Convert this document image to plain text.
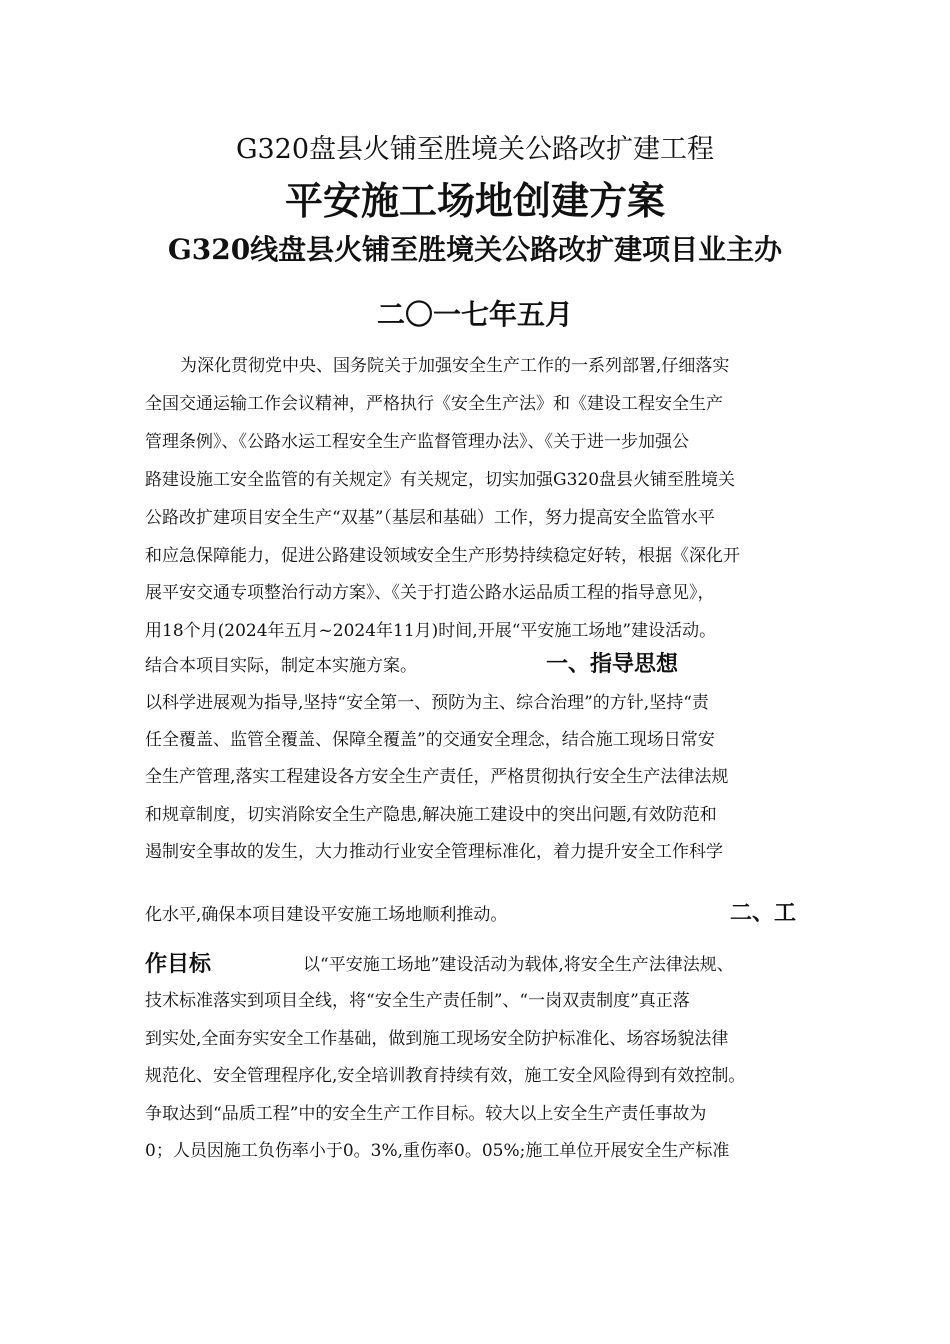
G320盘县火铺至胜境关公路改扩建工程
平安施工场地创建方案
G320线盘县火铺至胜境关公路改扩建项目业主办
二〇一七年五月
为深化贯彻党中央、国务院关于加强安全生产工作的一系列部署,仔细落实
全国交通运输工作会议精神，严格执行《安全生产法》和《建设工程安全生产
管理条例》、《公路水运工程安全生产监督管理办法》、《关于进一步加强公
路建设施工安全监管的有关规定》有关规定，切实加强G320盘县火铺至胜境关
公路改扩建项目安全生产“双基”（基层和基础）工作，努力提高安全监管水平
和应急保障能力，促进公路建设领域安全生产形势持续稳定好转，根据《深化开
展平安交通专项整治行动方案》、《关于打造公路水运品质工程的指导意见》，
用18个月(2024年五月~2024年11月)时间,开展“平安施工场地”建设活动。
结合本项目实际，制定本实施方案。	一、指导思想
以科学进展观为指导,坚持“安全第一、预防为主、综合治理”的方针,坚持“责
任全覆盖、监管全覆盖、保障全覆盖”的交通安全理念，结合施工现场日常安
全生产管理,落实工程建设各方安全生产责任，严格贯彻执行安全生产法律法规
和规章制度，切实消除安全生产隐患,解决施工建设中的突出问题,有效防范和
遏制安全事故的发生，大力推动行业安全管理标准化，着力提升安全工作科学
化水平,确保本项目建设平安施工场地顺利推动。	二、工
作目标	以“平安施工场地”建设活动为载体,将安全生产法律法规、
技术标准落实到项目全线，将“安全生产责任制”、“一岗双责制度”真正落
到实处,全面夯实安全工作基础，做到施工现场安全防护标准化、场容场貌法律
规范化、安全管理程序化,安全培训教育持续有效，施工安全风险得到有效控制。
争取达到“品质工程”中的安全生产工作目标。较大以上安全生产责任事故为
0；人员因施工负伤率小于0。3%,重伤率0。05%;施工单位开展安全生产标准
